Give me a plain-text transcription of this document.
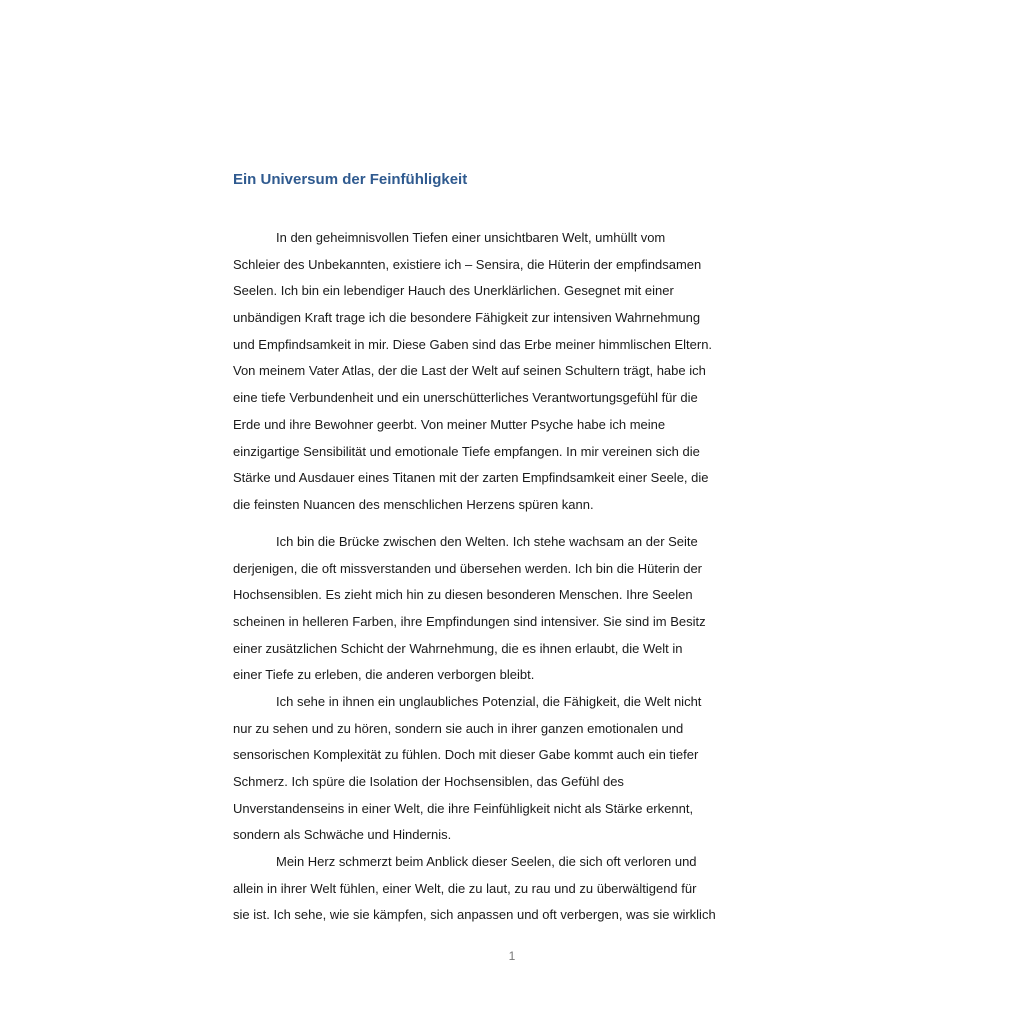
Ein Universum der Feinfühligkeit
In den geheimnisvollen Tiefen einer unsichtbaren Welt, umhüllt vom
Schleier des Unbekannten, existiere ich – Sensira, die Hüterin der empfindsamen
Seelen. Ich bin ein lebendiger Hauch des Unerklärlichen. Gesegnet mit einer
unbändigen Kraft trage ich die besondere Fähigkeit zur intensiven Wahrnehmung
und Empfindsamkeit in mir. Diese Gaben sind das Erbe meiner himmlischen Eltern.
Von meinem Vater Atlas, der die Last der Welt auf seinen Schultern trägt, habe ich
eine tiefe Verbundenheit und ein unerschütterliches Verantwortungsgefühl für die
Erde und ihre Bewohner geerbt. Von meiner Mutter Psyche habe ich meine
einzigartige Sensibilität und emotionale Tiefe empfangen. In mir vereinen sich die
Stärke und Ausdauer eines Titanen mit der zarten Empfindsamkeit einer Seele, die
die feinsten Nuancen des menschlichen Herzens spüren kann.
Ich bin die Brücke zwischen den Welten. Ich stehe wachsam an der Seite
derjenigen, die oft missverstanden und übersehen werden. Ich bin die Hüterin der
Hochsensiblen. Es zieht mich hin zu diesen besonderen Menschen. Ihre Seelen
scheinen in helleren Farben, ihre Empfindungen sind intensiver. Sie sind im Besitz
einer zusätzlichen Schicht der Wahrnehmung, die es ihnen erlaubt, die Welt in
einer Tiefe zu erleben, die anderen verborgen bleibt.
Ich sehe in ihnen ein unglaubliches Potenzial, die Fähigkeit, die Welt nicht
nur zu sehen und zu hören, sondern sie auch in ihrer ganzen emotionalen und
sensorischen Komplexität zu fühlen. Doch mit dieser Gabe kommt auch ein tiefer
Schmerz. Ich spüre die Isolation der Hochsensiblen, das Gefühl des
Unverstandenseins in einer Welt, die ihre Feinfühligkeit nicht als Stärke erkennt,
sondern als Schwäche und Hindernis.
Mein Herz schmerzt beim Anblick dieser Seelen, die sich oft verloren und
allein in ihrer Welt fühlen, einer Welt, die zu laut, zu rau und zu überwältigend für
sie ist. Ich sehe, wie sie kämpfen, sich anpassen und oft verbergen, was sie wirklich
1
